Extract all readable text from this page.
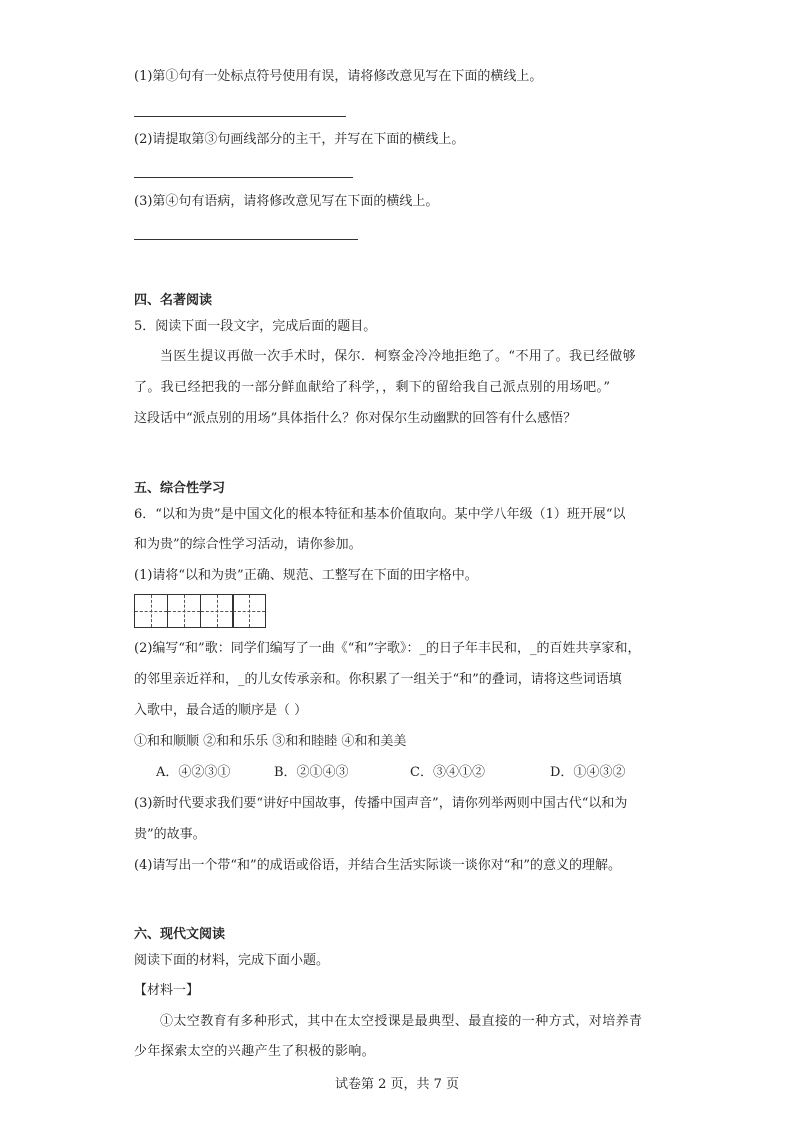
(1)第①句有一处标点符号使用有误，请将修改意见写在下面的横线上。
(2)请提取第③句画线部分的主干，并写在下面的横线上。
(3)第④句有语病，请将修改意见写在下面的横线上。
四、名著阅读
5．阅读下面一段文字，完成后面的题目。
当医生提议再做一次手术时，保尔．柯察金冷冷地拒绝了。“不用了。我已经做够
了。我已经把我的一部分鲜血献给了科学，，剩下的留给我自己派点别的用场吧。”
这段话中“派点别的用场”具体指什么？你对保尔生动幽默的回答有什么感悟？
五、综合性学习
6．“以和为贵”是中国文化的根本特征和基本价值取向。某中学八年级（1）班开展“以
和为贵”的综合性学习活动，请你参加。
(1)请将“以和为贵”正确、规范、工整写在下面的田字格中。
(2)编写“和”歌：同学们编写了一曲《“和”字歌》：_的日子年丰民和，_的百姓共享家和，
的邻里亲近祥和，_的儿女传承亲和。你积累了一组关于“和”的叠词，请将这些词语填
入歌中，最合适的顺序是（ ）
①和和顺顺 ②和和乐乐 ③和和睦睦 ④和和美美
A．④②③①	B．②①④③	C．③④①②	D．①④③②
(3)新时代要求我们要“讲好中国故事，传播中国声音”，请你列举两则中国古代“以和为
贵”的故事。
(4)请写出一个带“和”的成语或俗语，并结合生活实际谈一谈你对“和”的意义的理解。
六、现代文阅读
阅读下面的材料，完成下面小题。
【材料一】
①太空教育有多种形式，其中在太空授课是最典型、最直接的一种方式，对培养青
少年探索太空的兴趣产生了积极的影响。
试卷第 2 页，共 7 页
